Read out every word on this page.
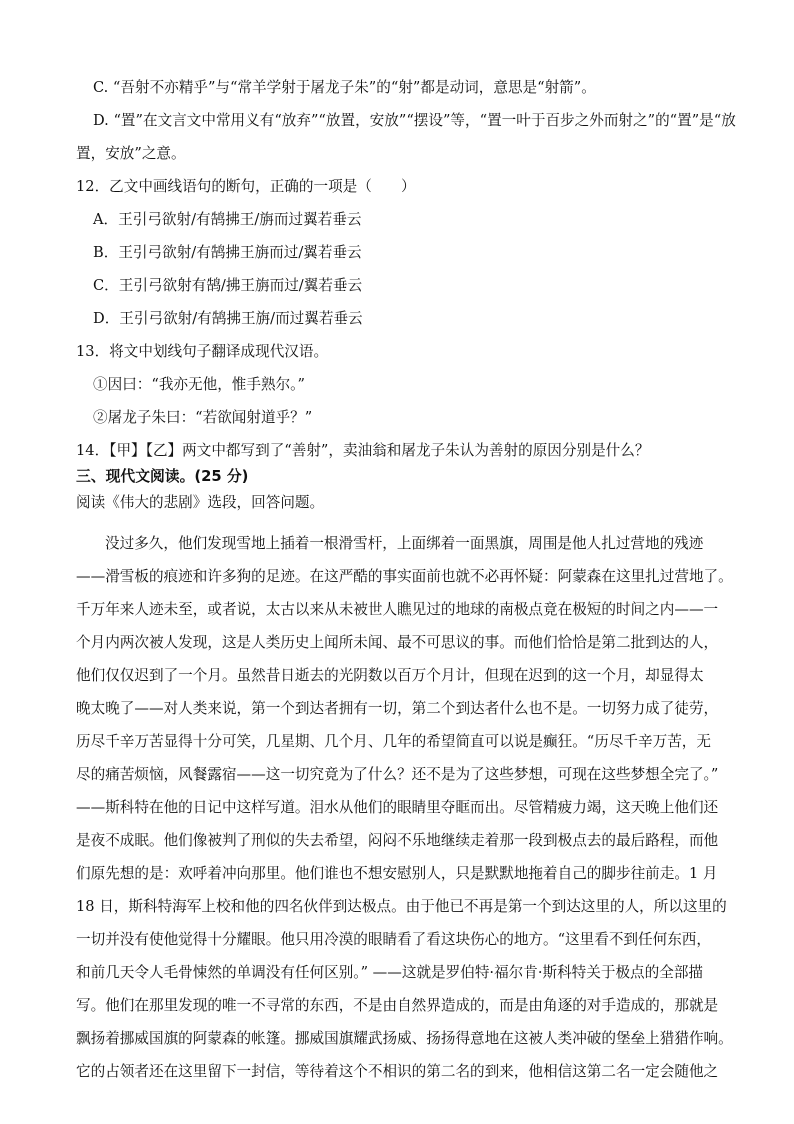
C. “吾射不亦精乎”与“常羊学射于屠龙子朱”的“射”都是动词，意思是“射箭”。
D. “置”在文言文中常用义有“放弃”“放置，安放”“摆设”等，“置一叶于百步之外而射之”的“置”是“放
置，安放”之意。
12．乙文中画线语句的断句，正确的一项是（　　）
A．王引弓欲射/有鹄拂王/旃而过翼若垂云
B．王引弓欲射/有鹄拂王旃而过/翼若垂云
C．王引弓欲射有鹄/拂王旃而过/翼若垂云
D．王引弓欲射/有鹄拂王旃/而过翼若垂云
13．将文中划线句子翻译成现代汉语。
①因曰：“我亦无他，惟手熟尔。”
②屠龙子朱曰：“若欲闻射道乎？”
14．【甲】【乙】两文中都写到了“善射”，卖油翁和屠龙子朱认为善射的原因分别是什么？
三、现代文阅读。(25 分)
阅读《伟大的悲剧》选段，回答问题。
没过多久，他们发现雪地上插着一根滑雪杆，上面绑着一面黑旗，周围是他人扎过营地的残迹
——滑雪板的痕迹和许多狗的足迹。在这严酷的事实面前也就不必再怀疑：阿蒙森在这里扎过营地了。
千万年来人迹未至，或者说，太古以来从未被世人瞧见过的地球的南极点竟在极短的时间之内——一
个月内两次被人发现，这是人类历史上闻所未闻、最不可思议的事。而他们恰恰是第二批到达的人，
他们仅仅迟到了一个月。虽然昔日逝去的光阴数以百万个月计，但现在迟到的这一个月，却显得太
晚太晚了——对人类来说，第一个到达者拥有一切，第二个到达者什么也不是。一切努力成了徒劳，
历尽千辛万苦显得十分可笑，几星期、几个月、几年的希望简直可以说是癫狂。“历尽千辛万苦，无
尽的痛苦烦恼，风餐露宿——这一切究竟为了什么？还不是为了这些梦想，可现在这些梦想全完了。”
——斯科特在他的日记中这样写道。泪水从他们的眼睛里夺眶而出。尽管精疲力竭，这天晚上他们还
是夜不成眠。他们像被判了刑似的失去希望，闷闷不乐地继续走着那一段到极点去的最后路程，而他
们原先想的是：欢呼着冲向那里。他们谁也不想安慰别人，只是默默地拖着自己的脚步往前走。1 月
18 日，斯科特海军上校和他的四名伙伴到达极点。由于他已不再是第一个到达这里的人，所以这里的
一切并没有使他觉得十分耀眼。他只用冷漠的眼睛看了看这块伤心的地方。“这里看不到任何东西，
和前几天令人毛骨悚然的单调没有任何区别。” ——这就是罗伯特·福尔肯·斯科特关于极点的全部描
写。他们在那里发现的唯一不寻常的东西，不是由自然界造成的，而是由角逐的对手造成的，那就是
飘扬着挪威国旗的阿蒙森的帐篷。挪威国旗耀武扬威、扬扬得意地在这被人类冲破的堡垒上猎猎作响。
它的占领者还在这里留下一封信，等待着这个不相识的第二名的到来，他相信这第二名一定会随他之
